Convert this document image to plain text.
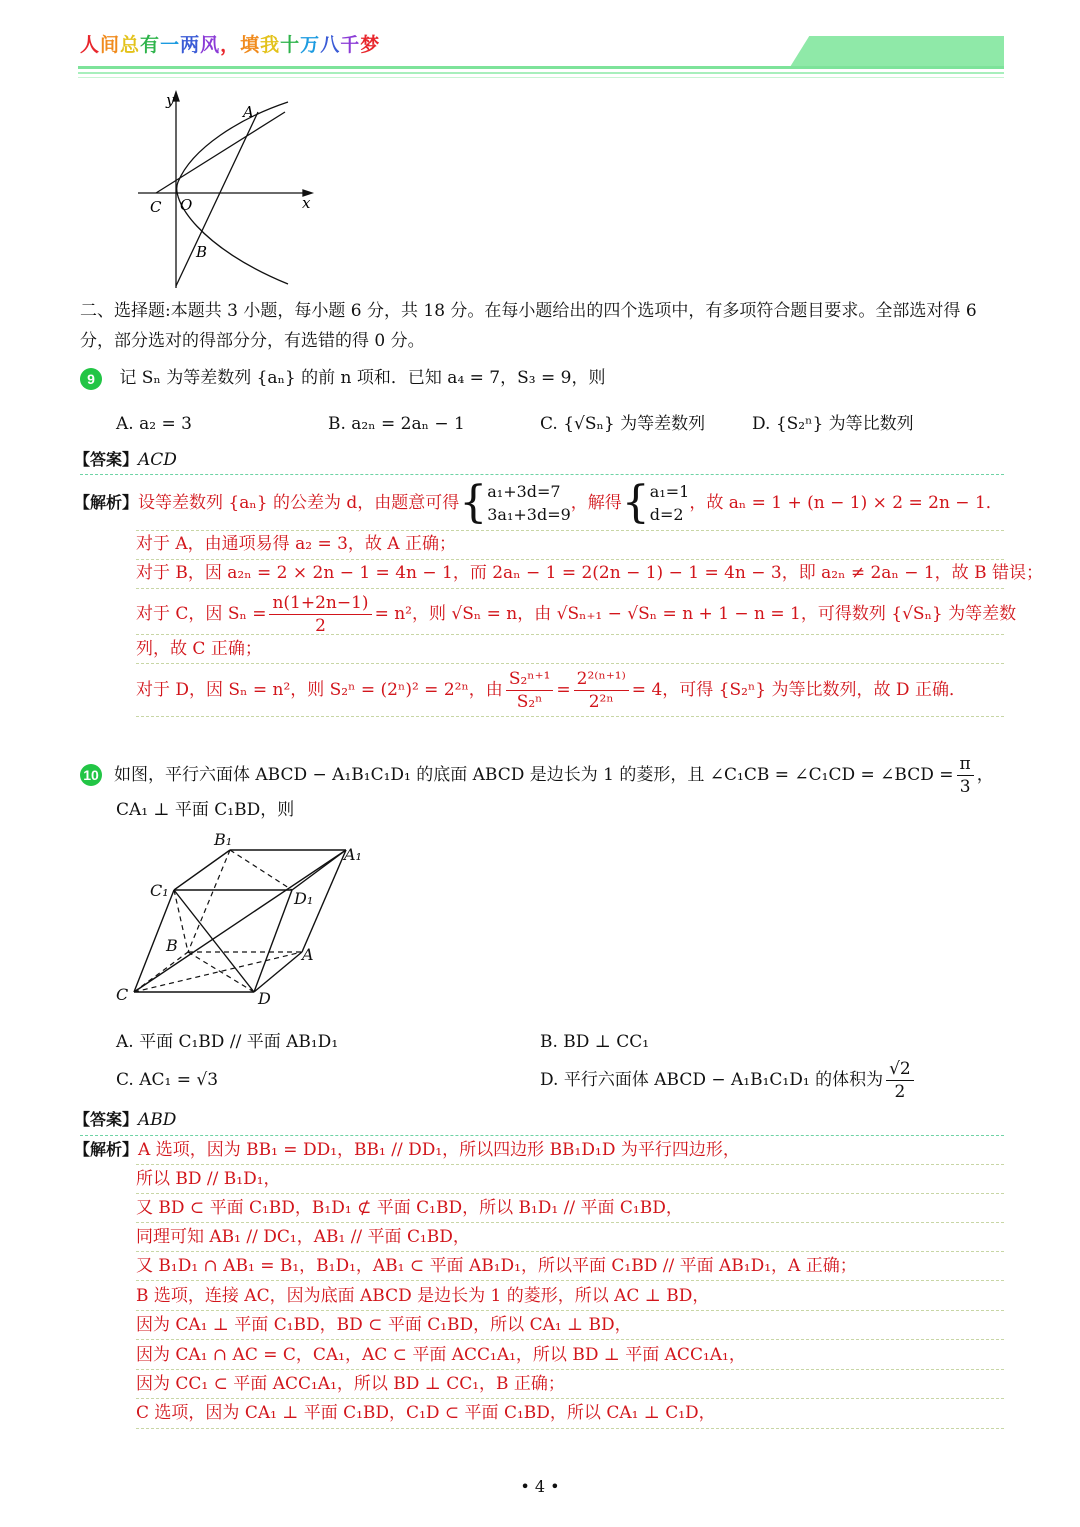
人间总有一两风，填我十万八千梦
y
x
O
A
B
C
二、选择题:本题共 3 小题，每小题 6 分，共 18 分。在每小题给出的四个选项中，有多项符合题目要求。全部选对得 6 分，部分选对的得部分分，有选错的得 0 分。
9 记 Sₙ 为等差数列 {aₙ} 的前 n 项和．已知 a₄ = 7，S₃ = 9，则
A. a₂ = 3	B. a₂ₙ = 2aₙ − 1	C. {√Sₙ} 为等差数列	D. {S₂ⁿ} 为等比数列
【答案】ACD
【解析】 设等差数列 {aₙ} 的公差为 d，由题意可得 { a₁+3d=7
3a₁+3d=9
，解得 { a₁=1
d=2
，故 aₙ = 1 + (n − 1) × 2 = 2n − 1．
对于 A，由通项易得 a₂ = 3，故 A 正确；
对于 B，因 a₂ₙ = 2 × 2n − 1 = 4n − 1，而 2aₙ − 1 = 2(2n − 1) − 1 = 4n − 3，即 a₂ₙ ≠ 2aₙ − 1，故 B 错误；
对于 C，因 $S_n = \frac{n(1+2n-1)}{2} = n^2$，则 √Sₙ = n，由 √Sₙ₊₁ − √Sₙ = n + 1 − n = 1，可得数列 {√Sₙ} 为等差数
列，故 C 正确；
对于 D，因 Sₙ = n²，则 S₂ⁿ = (2ⁿ)² = 2²ⁿ，由 $\frac{\text{S₂ⁿ⁺¹}}{\text{S₂ⁿ}} = \frac{\text{2²⁽ⁿ⁺¹⁾}}{\text{2²ⁿ}} = 4$，可得 {S₂ⁿ} 为等比数列，故 D 正确．
10 如图，平行六面体 ABCD − A₁B₁C₁D₁ 的底面 ABCD 是边长为 1 的菱形，且 ∠C₁CB = ∠C₁CD = ∠BCD = $\frac{\pi}{3}$ ，
CA₁ ⊥ 平面 C₁BD，则
B₁
A₁
C₁	D₁
B	A
C	D
A. 平面 C₁BD // 平面 AB₁D₁	B. BD ⊥ CC₁
C. AC₁ = √3	D. 平行六面体 ABCD − A₁B₁C₁D₁ 的体积为 $\frac{√2}{2}$
【答案】ABD
【解析】A 选项，因为 BB₁ = DD₁，BB₁ // DD₁，所以四边形 BB₁D₁D 为平行四边形，
所以 BD // B₁D₁，
又 BD ⊂ 平面 C₁BD，B₁D₁ ⊄ 平面 C₁BD，所以 B₁D₁ // 平面 C₁BD，
同理可知 AB₁ // DC₁，AB₁ // 平面 C₁BD，
又 B₁D₁ ∩ AB₁ = B₁，B₁D₁，AB₁ ⊂ 平面 AB₁D₁，所以平面 C₁BD // 平面 AB₁D₁，A 正确；
B 选项，连接 AC，因为底面 ABCD 是边长为 1 的菱形，所以 AC ⊥ BD，
因为 CA₁ ⊥ 平面 C₁BD，BD ⊂ 平面 C₁BD，所以 CA₁ ⊥ BD，
因为 CA₁ ∩ AC = C，CA₁，AC ⊂ 平面 ACC₁A₁，所以 BD ⊥ 平面 ACC₁A₁，
因为 CC₁ ⊂ 平面 ACC₁A₁，所以 BD ⊥ CC₁，B 正确；
C 选项，因为 CA₁ ⊥ 平面 C₁BD，C₁D ⊂ 平面 C₁BD，所以 CA₁ ⊥ C₁D，
• 4 •
